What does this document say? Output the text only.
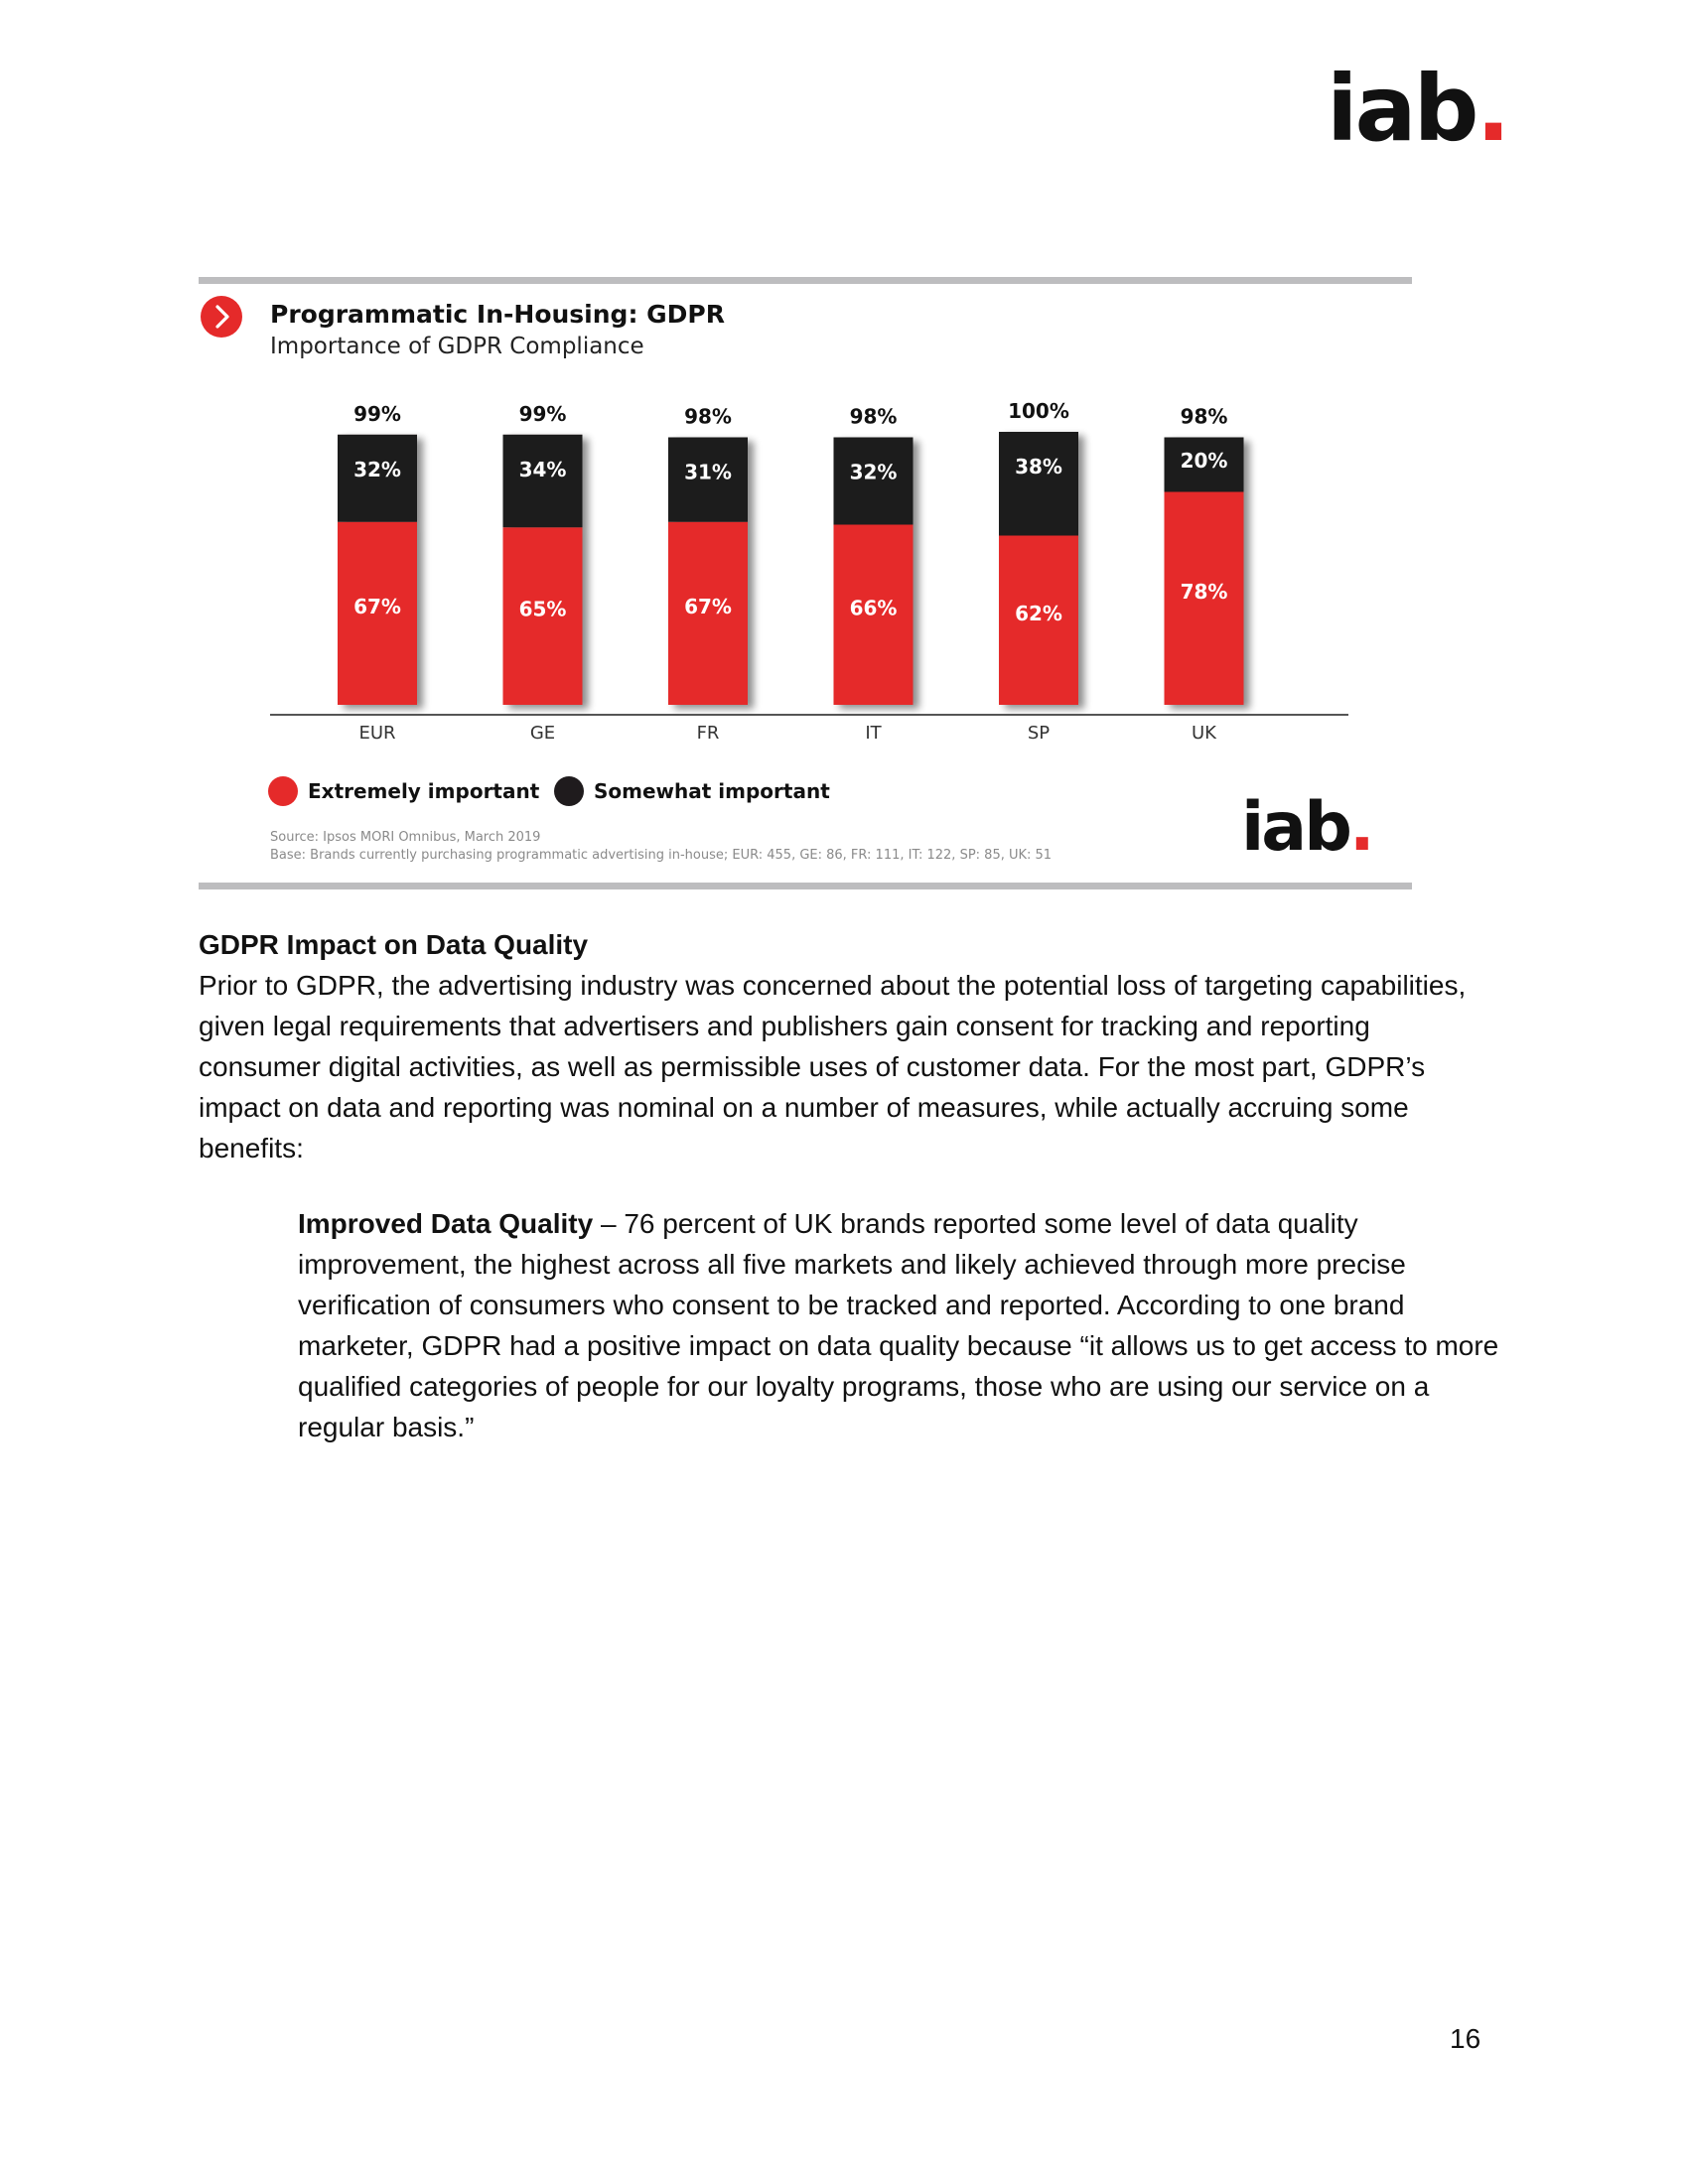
iab.
Programmatic In-Housing: GDPR
Importance of GDPR Compliance
67%
32%
99%
EUR
65%
34%
99%
GE
67%
31%
98%
FR
66%
32%
98%
IT
62%
38%
100%
SP
78%
20%
98%
UK
Extremely important	Somewhat important
Source: Ipsos MORI Omnibus, March 2019
Base: Brands currently purchasing programmatic advertising in-house; EUR: 455, GE: 86, FR: 111, IT: 122, SP: 85, UK: 51	iab.
GDPR Impact on Data Quality

Prior to GDPR, the advertising industry was concerned about the potential loss of targeting capabilities, given legal requirements that advertisers and publishers gain consent for tracking and reporting consumer digital activities, as well as permissible uses of customer data. For the most part, GDPR’s impact on data and reporting was nominal on a number of measures, while actually accruing some benefits:

Improved Data Quality – 76 percent of UK brands reported some level of data quality improvement, the highest across all five markets and likely achieved through more precise verification of consumers who consent to be tracked and reported. According to one brand marketer, GDPR had a positive impact on data quality because “it allows us to get access to more qualified categories of people for our loyalty programs, those who are using our service on a regular basis.”

16
